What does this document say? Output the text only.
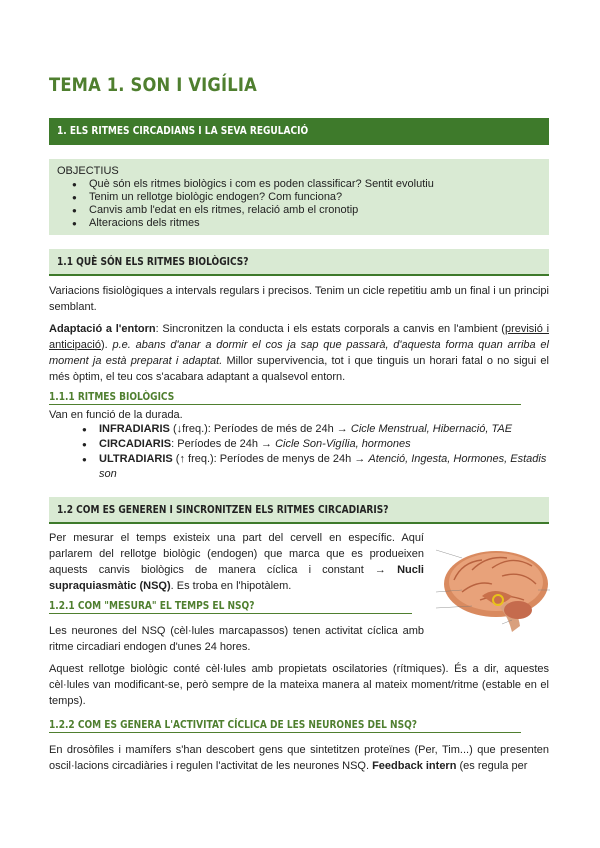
TEMA 1. SON I VIGÍLIA
1. ELS RITMES CIRCADIANS I LA SEVA REGULACIÓ
OBJECTIUS
● Què són els ritmes biològics i com es poden classificar? Sentit evolutiu
● Tenim un rellotge biològic endogen? Com funciona?
● Canvis amb l'edat en els ritmes, relació amb el cronotip
● Alteracions dels ritmes
1.1 QUÈ SÓN ELS RITMES BIOLÒGICS?

Variacions fisiològiques a intervals regulars i precisos. Tenim un cicle repetitiu amb un final i un principi semblant.

Adaptació a l'entorn: Sincronitzen la conducta i els estats corporals a canvis en l'ambient (previsió i anticipació). p.e. abans d'anar a dormir el cos ja sap que passarà, d'aquesta forma quan arriba el moment ja està preparat i adaptat. Millor supervivencia, tot i que tinguis un horari fatal o no sigui el més òptim, el teu cos s'acabara adaptant a qualsevol entorn.

1.1.1 RITMES BIOLÒGICS

Van en funció de la durada.

● INFRADIARIS (↓freq.): Períodes de més de 24h → Cicle Menstrual, Hibernació, TAE
● CIRCADIARIS: Períodes de 24h → Cicle Son-Vigília, hormones
● ULTRADIARIS (↑ freq.): Períodes de menys de 24h → Atenció, Ingesta, Hormones, Estadis son
1.2 COM ES GENEREN I SINCRONITZEN ELS RITMES CIRCADIARIS?

Per mesurar el temps existeix una part del cervell en específic. Aquí parlarem del rellotge biològic (endogen) que marca que es produeixen aquests canvis biològics de manera cíclica i constant → Nucli supraquiasmàtic (NSQ). Es troba en l'hipotàlem.

1.2.1 COM "MESURA" EL TEMPS EL NSQ?

Les neurones del NSQ (cèl·lules marcapassos) tenen activitat cíclica amb ritme circadiari endogen d'unes 24 hores.

Aquest rellotge biològic conté cèl·lules amb propietats oscilatories (rítmiques). És a dir, aquestes cèl·lules van modificant-se, però sempre de la mateixa manera al mateix moment/ritme (estable en el temps).

1.2.2 COM ES GENERA L'ACTIVITAT CÍCLICA DE LES NEURONES DEL NSQ?

En drosòfiles i mamífers s'han descobert gens que sintetitzen proteïnes (Per, Tim...) que presenten oscil·lacions circadiàries i regulen l'activitat de les neurones NSQ. Feedback intern (es regula per
